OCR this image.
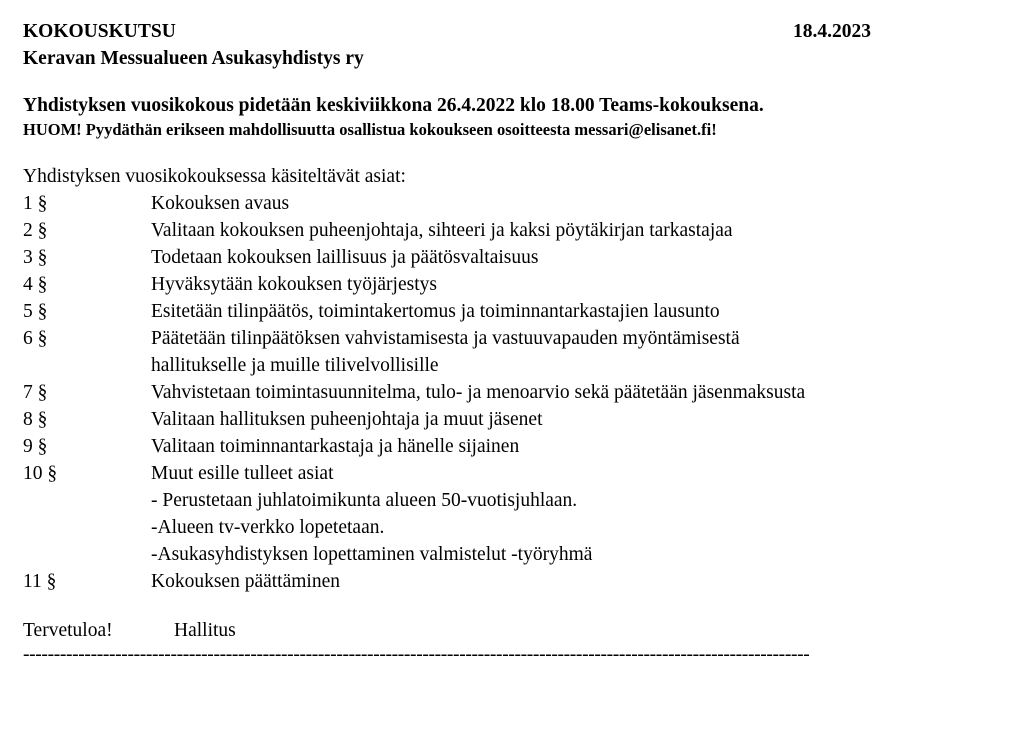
KOKOUSKUTSU	18.4.2023
Keravan Messualueen Asukasyhdistys ry
Yhdistyksen vuosikokous pidetään keskiviikkona 26.4.2022 klo 18.00 Teams-kokouksena.
HUOM! Pyydäthän erikseen mahdollisuutta osallistua kokoukseen osoitteesta messari@elisanet.fi!
Yhdistyksen vuosikokouksessa käsiteltävät asiat:
1 §	Kokouksen avaus
2 §	Valitaan kokouksen puheenjohtaja, sihteeri ja kaksi pöytäkirjan tarkastajaa
3 §	Todetaan kokouksen laillisuus ja päätösvaltaisuus
4 §	Hyväksytään kokouksen työjärjestys
5 §	Esitetään tilinpäätös, toimintakertomus ja toiminnantarkastajien lausunto
6 §	Päätetään tilinpäätöksen vahvistamisesta ja vastuuvapauden myöntämisestä
hallitukselle ja muille tilivelvollisille
7 §	Vahvistetaan toimintasuunnitelma, tulo- ja menoarvio sekä päätetään jäsenmaksusta
8 §	Valitaan hallituksen puheenjohtaja ja muut jäsenet
9 §	Valitaan toiminnantarkastaja ja hänelle sijainen
10 §	Muut esille tulleet asiat
- Perustetaan juhlatoimikunta alueen 50-vuotisjuhlaan.
-Alueen tv-verkko lopetetaan.
-Asukasyhdistyksen lopettaminen valmistelut -työryhmä
11 §	Kokouksen päättäminen
Tervetuloa!	Hallitus
--------------------------------------------------------------------------------------------------------------------------------
